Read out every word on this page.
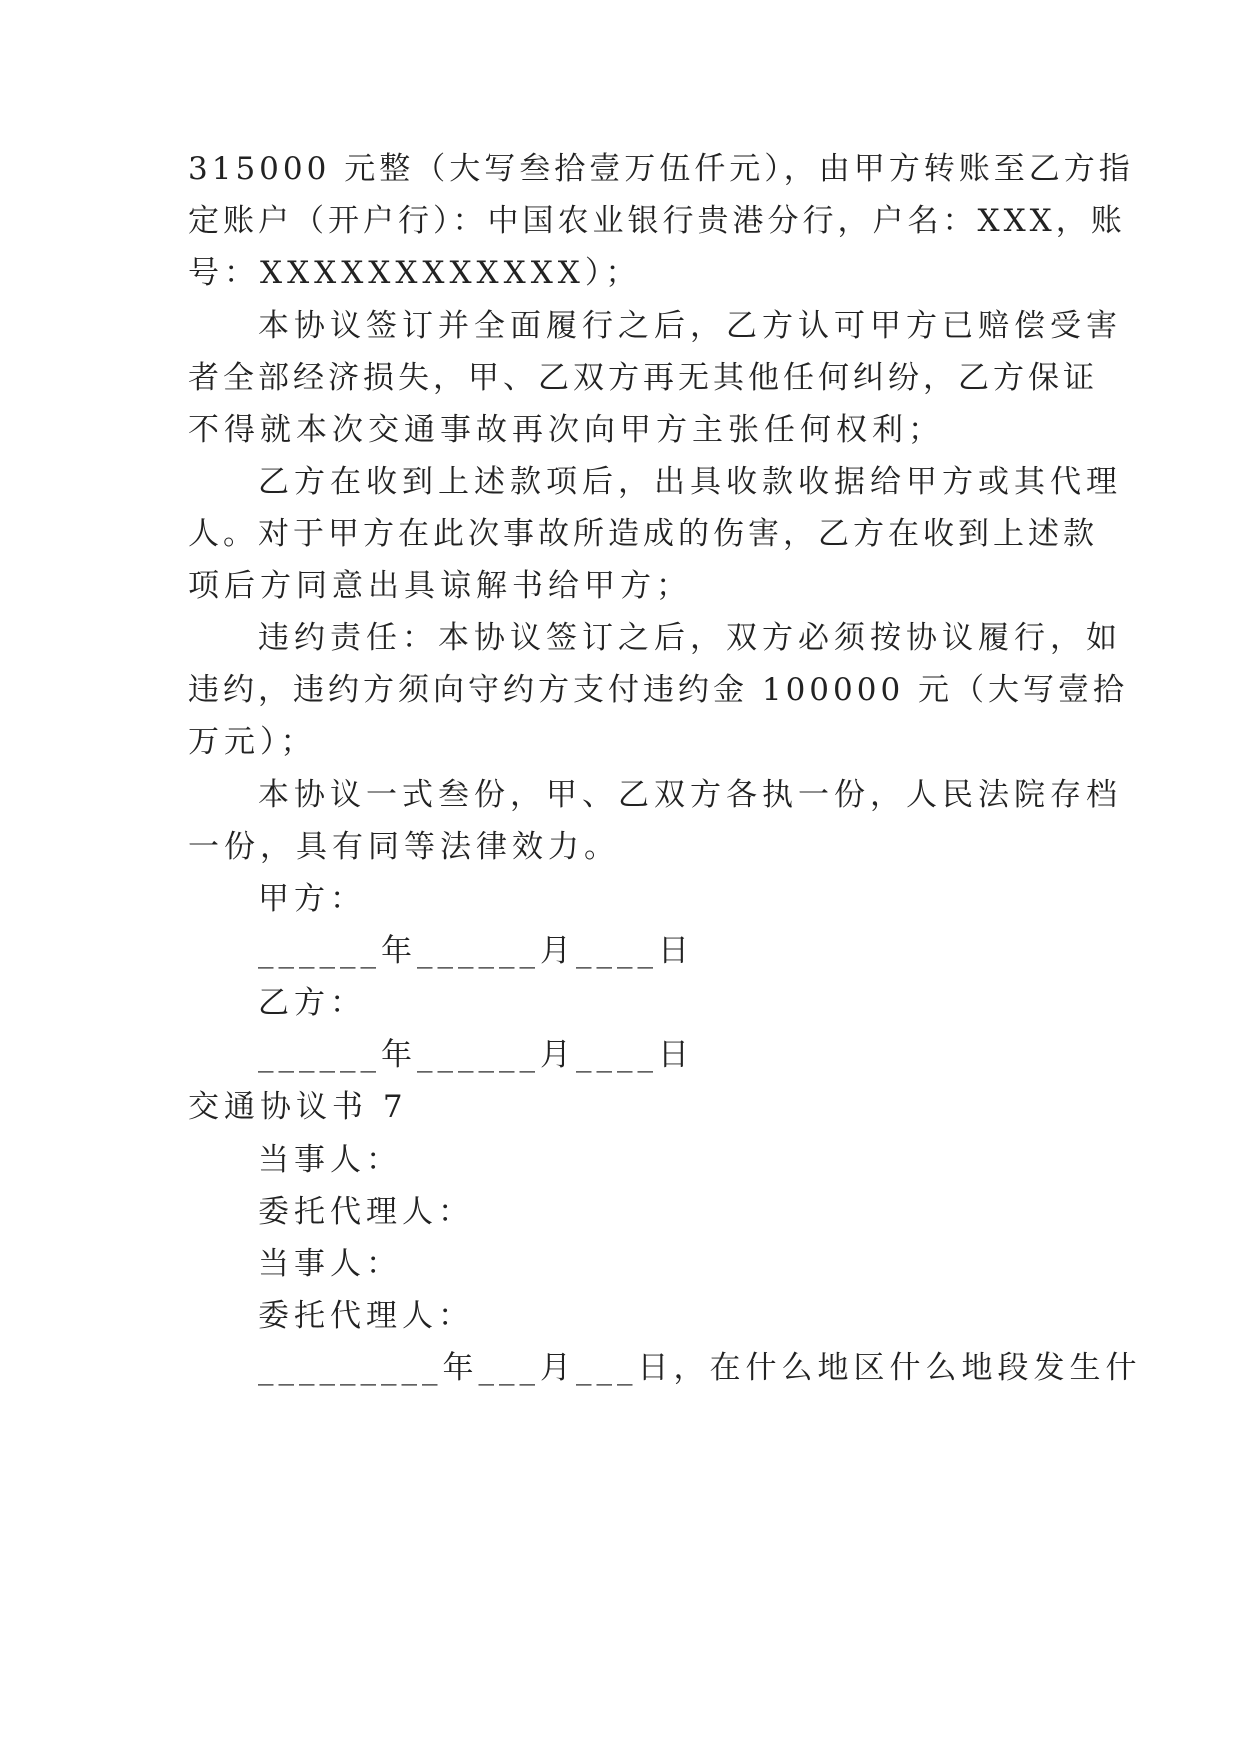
315000 元整（大写叁拾壹万伍仟元），由甲方转账至乙方指
定账户（开户行）：中国农业银行贵港分行，户名：XXX，账
号：XXXXXXXXXXXX）；
本协议签订并全面履行之后，乙方认可甲方已赔偿受害
者全部经济损失，甲、乙双方再无其他任何纠纷，乙方保证
不得就本次交通事故再次向甲方主张任何权利；
乙方在收到上述款项后，出具收款收据给甲方或其代理
人。对于甲方在此次事故所造成的伤害，乙方在收到上述款
项后方同意出具谅解书给甲方；
违约责任：本协议签订之后，双方必须按协议履行，如
违约，违约方须向守约方支付违约金 100000 元（大写壹拾
万元）；
本协议一式叁份，甲、乙双方各执一份，人民法院存档
一份，具有同等法律效力。
甲方：
______年______月____日
乙方：
______年______月____日
交通协议书 7
当事人：
委托代理人：
当事人：
委托代理人：
_________年___月___日，在什么地区什么地段发生什
